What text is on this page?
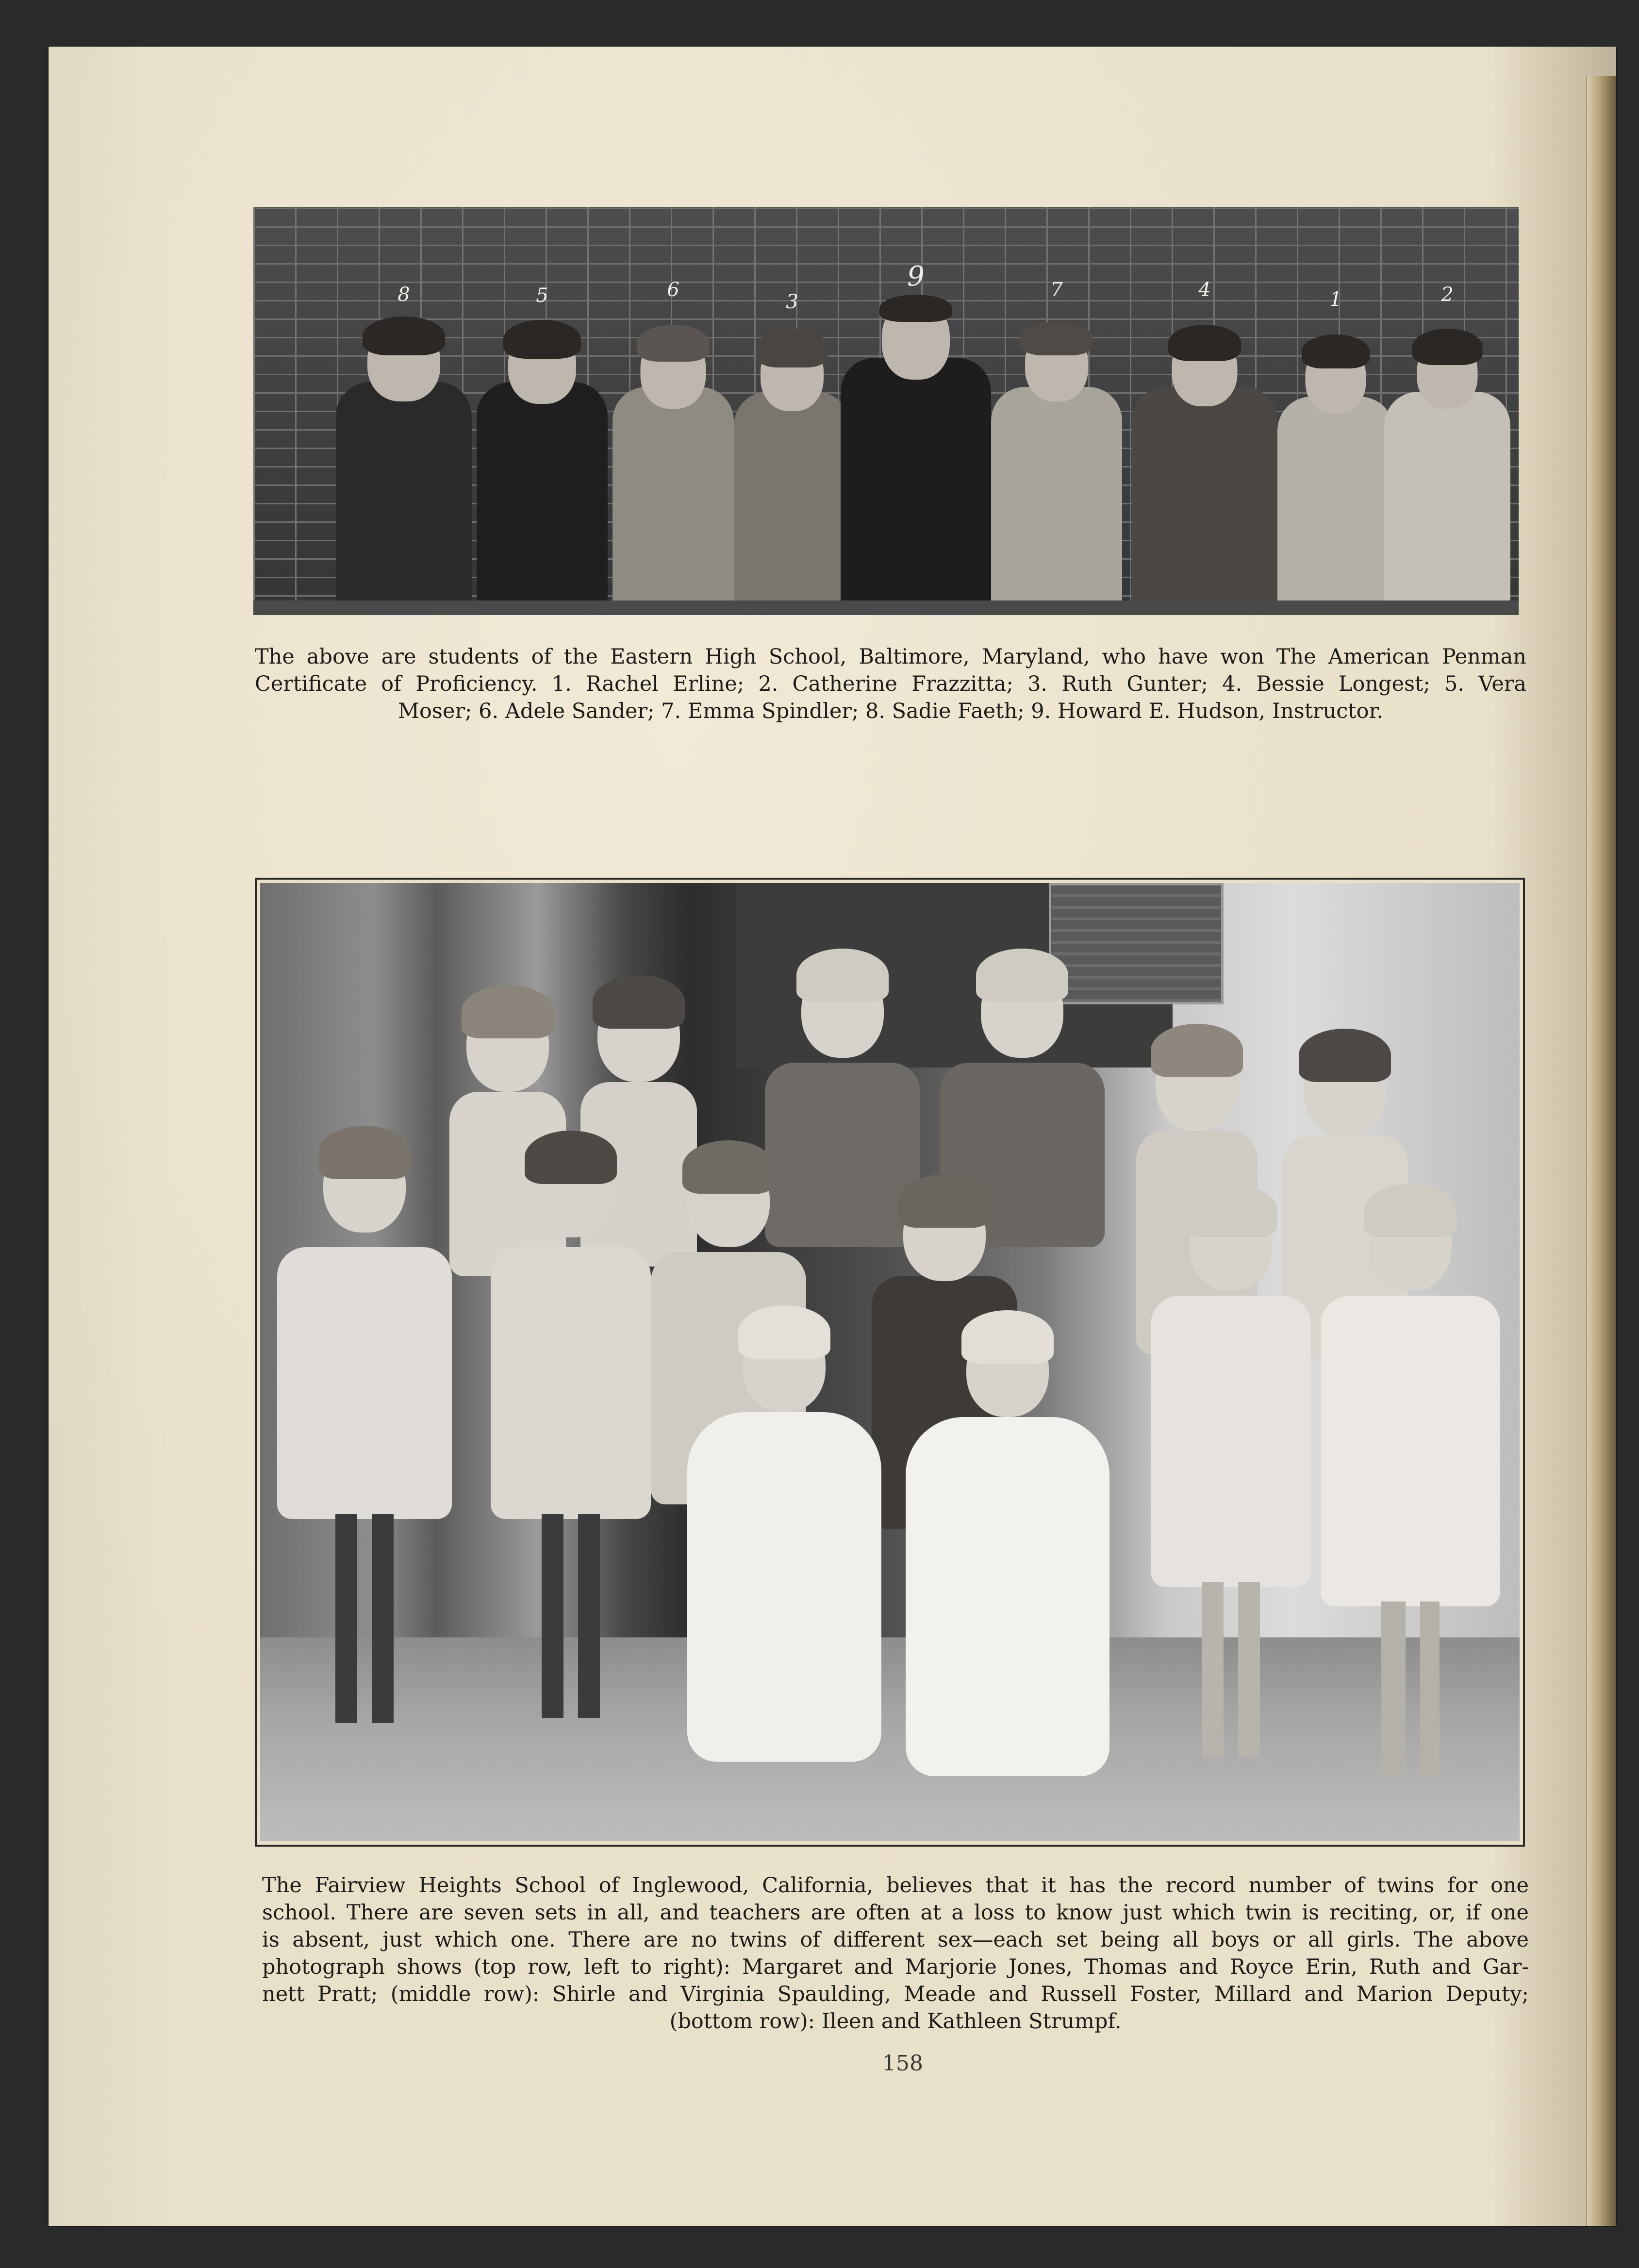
8	5	6
3
9	7	4	1	2
The above are students of the Eastern High School, Baltimore, Maryland, who have won The American Penman
Certificate of Proficiency. 1. Rachel Erline; 2. Catherine Frazzitta; 3. Ruth Gunter; 4. Bessie Longest; 5. Vera
Moser; 6. Adele Sander; 7. Emma Spindler; 8. Sadie Faeth; 9. Howard E. Hudson, Instructor.
The Fairview Heights School of Inglewood, California, believes that it has the record number of twins for one
school. There are seven sets in all, and teachers are often at a loss to know just which twin is reciting, or, if one
is absent, just which one. There are no twins of different sex—each set being all boys or all girls. The above
photograph shows (top row, left to right): Margaret and Marjorie Jones, Thomas and Royce Erin, Ruth and Gar-
nett Pratt; (middle row): Shirle and Virginia Spaulding, Meade and Russell Foster, Millard and Marion Deputy;
(bottom row): Ileen and Kathleen Strumpf.
158
